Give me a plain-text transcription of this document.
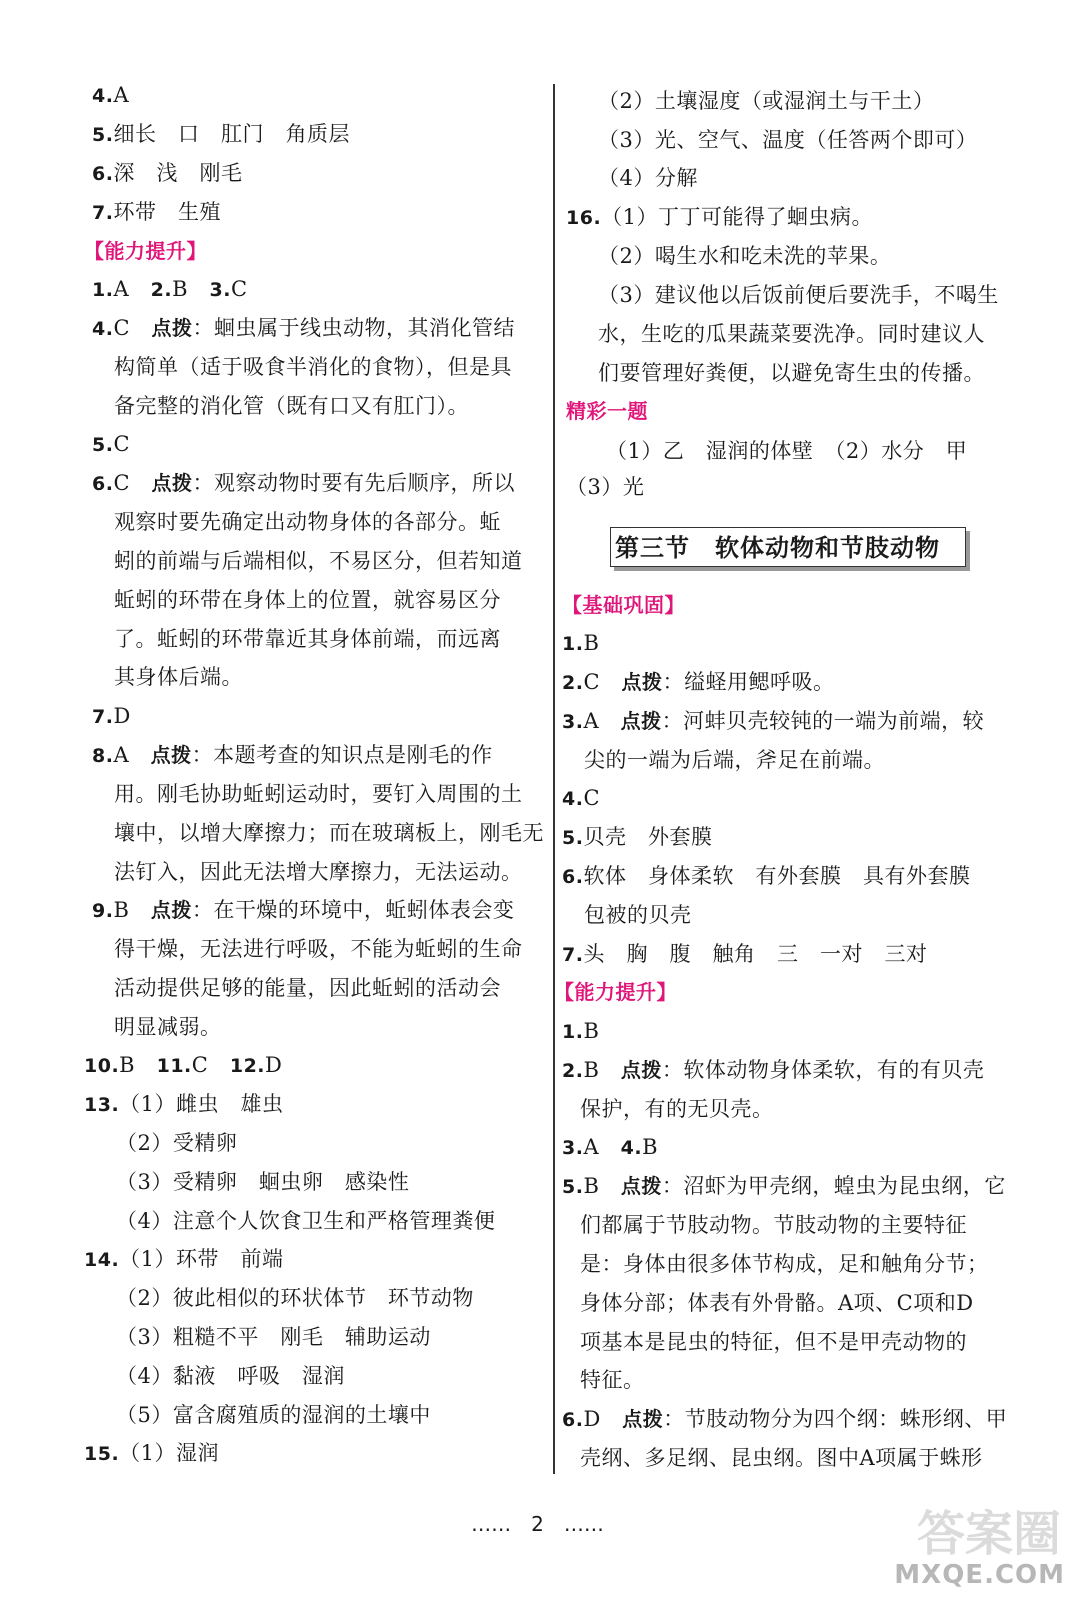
4.A
5.细长　口　肛门　角质层
6.深　浅　刚毛
7.环带　生殖
【能力提升】
1.A　2.B　3.C
4.C　点拨：蛔虫属于线虫动物，其消化管结
构简单（适于吸食半消化的食物），但是具
备完整的消化管（既有口又有肛门）。
5.C
6.C　点拨：观察动物时要有先后顺序，所以
观察时要先确定出动物身体的各部分。蚯
蚓的前端与后端相似，不易区分，但若知道
蚯蚓的环带在身体上的位置，就容易区分
了。蚯蚓的环带靠近其身体前端，而远离
其身体后端。
7.D
8.A　点拨：本题考查的知识点是刚毛的作
用。刚毛协助蚯蚓运动时，要钉入周围的土
壤中，以增大摩擦力；而在玻璃板上，刚毛无
法钉入，因此无法增大摩擦力，无法运动。
9.B　点拨：在干燥的环境中，蚯蚓体表会变
得干燥，无法进行呼吸，不能为蚯蚓的生命
活动提供足够的能量，因此蚯蚓的活动会
明显减弱。
10.B　11.C　12.D
13.（1）雌虫　雄虫
（2）受精卵
（3）受精卵　蛔虫卵　感染性
（4）注意个人饮食卫生和严格管理粪便
14.（1）环带　前端
（2）彼此相似的环状体节　环节动物
（3）粗糙不平　刚毛　辅助运动
（4）黏液　呼吸　湿润
（5）富含腐殖质的湿润的土壤中
15.（1）湿润
（2）土壤湿度（或湿润土与干土）
（3）光、空气、温度（任答两个即可）
（4）分解
16.（1）丁丁可能得了蛔虫病。
（2）喝生水和吃未洗的苹果。
（3）建议他以后饭前便后要洗手，不喝生
水，生吃的瓜果蔬菜要洗净。同时建议人
们要管理好粪便，以避免寄生虫的传播。
精彩一题
（1）乙　湿润的体壁　（2）水分　甲
（3）光
【基础巩固】
1.B
2.C　点拨：缢蛏用鳃呼吸。
3.A　点拨：河蚌贝壳较钝的一端为前端，较
尖的一端为后端，斧足在前端。
4.C
5.贝壳　外套膜
6.软体　身体柔软　有外套膜　具有外套膜
包被的贝壳
7.头　胸　腹　触角　三　一对　三对
【能力提升】
1.B
2.B　点拨：软体动物身体柔软，有的有贝壳
保护，有的无贝壳。
3.A　4.B
5.B　点拨：沼虾为甲壳纲，蝗虫为昆虫纲，它
们都属于节肢动物。节肢动物的主要特征
是：身体由很多体节构成，足和触角分节；
身体分部；体表有外骨骼。A项、C项和D
项基本是昆虫的特征，但不是甲壳动物的
特征。
6.D　点拨：节肢动物分为四个纲：蛛形纲、甲
壳纲、多足纲、昆虫纲。图中A项属于蛛形
第三节　软体动物和节肢动物
……　2　……	答案圈
MXQE.COM
